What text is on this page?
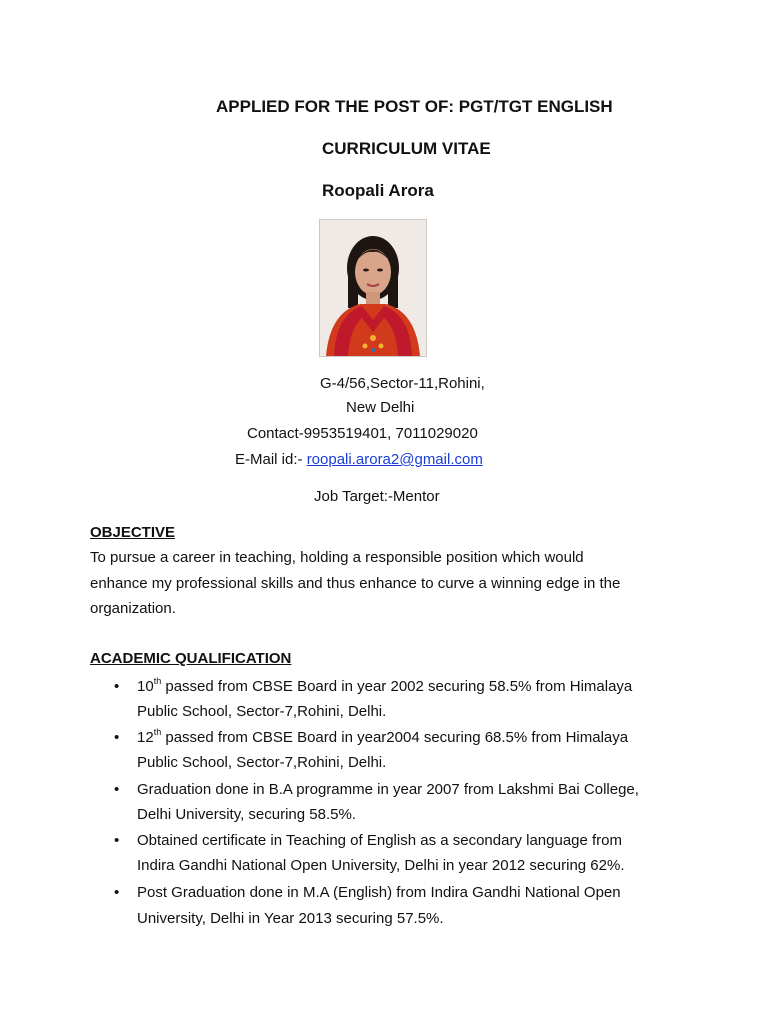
APPLIED FOR THE POST OF: PGT/TGT ENGLISH
CURRICULUM VITAE
Roopali Arora
G-4/56,Sector-11,Rohini,
New Delhi
Contact-9953519401, 7011029020
E-Mail id:- roopali.arora2@gmail.com
Job Target:-Mentor
OBJECTIVE
To pursue a career in teaching, holding a responsible position which would
enhance my professional skills and thus enhance to curve a winning edge in the
organization.
ACADEMIC QUALIFICATION
• 10th passed from CBSE Board in year 2002 securing 58.5% from Himalaya
Public School, Sector-7,Rohini, Delhi.
• 12th passed from CBSE Board in year2004 securing 68.5% from Himalaya
Public School, Sector-7,Rohini, Delhi.
• Graduation done in B.A programme in year 2007 from Lakshmi Bai College,
Delhi University, securing 58.5%.
• Obtained certificate in Teaching of English as a secondary language from
Indira Gandhi National Open University, Delhi in year 2012 securing 62%.
• Post Graduation done in M.A (English) from Indira Gandhi National Open
University, Delhi in Year 2013 securing 57.5%.
